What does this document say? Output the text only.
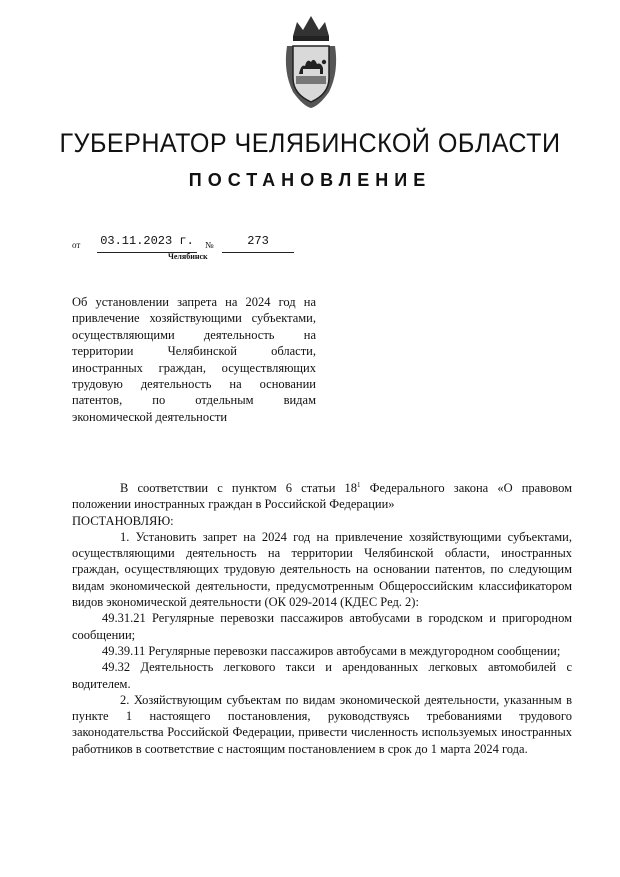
ГУБЕРНАТОР ЧЕЛЯБИНСКОЙ ОБЛАСТИ
ПОСТАНОВЛЕНИЕ
от 03.11.2023 г.	№	273
Челябинск
Об установлении запрета на 2024 год на привлечение хозяйствующими субъектами, осуществляющими деятельность на территории Челябинской области, иностранных граждан, осуществляющих трудовую деятельность на основании патентов, по отдельным видам экономической деятельности

В соответствии с пунктом 6 статьи $18^1$ Федерального закона «О правовом положении иностранных граждан в Российской Федерации»

ПОСТАНОВЛЯЮ:

1. Установить запрет на 2024 год на привлечение хозяйствующими субъектами, осуществляющими деятельность на территории Челябинской области, иностранных граждан, осуществляющих трудовую деятельность на основании патентов, по следующим видам экономической деятельности, предусмотренным Общероссийским классификатором видов экономической деятельности (ОК 029-2014 (КДЕС Ред. 2):

49.31.21 Регулярные перевозки пассажиров автобусами в городском и пригородном сообщении;

49.39.11 Регулярные перевозки пассажиров автобусами в междугородном сообщении;

49.32 Деятельность легкового такси и арендованных легковых автомобилей с водителем.

2. Хозяйствующим субъектам по видам экономической деятельности, указанным в пункте 1 настоящего постановления, руководствуясь требованиями трудового законодательства Российской Федерации, привести численность используемых иностранных работников в соответствие с настоящим постановлением в срок до 1 марта 2024 года.
